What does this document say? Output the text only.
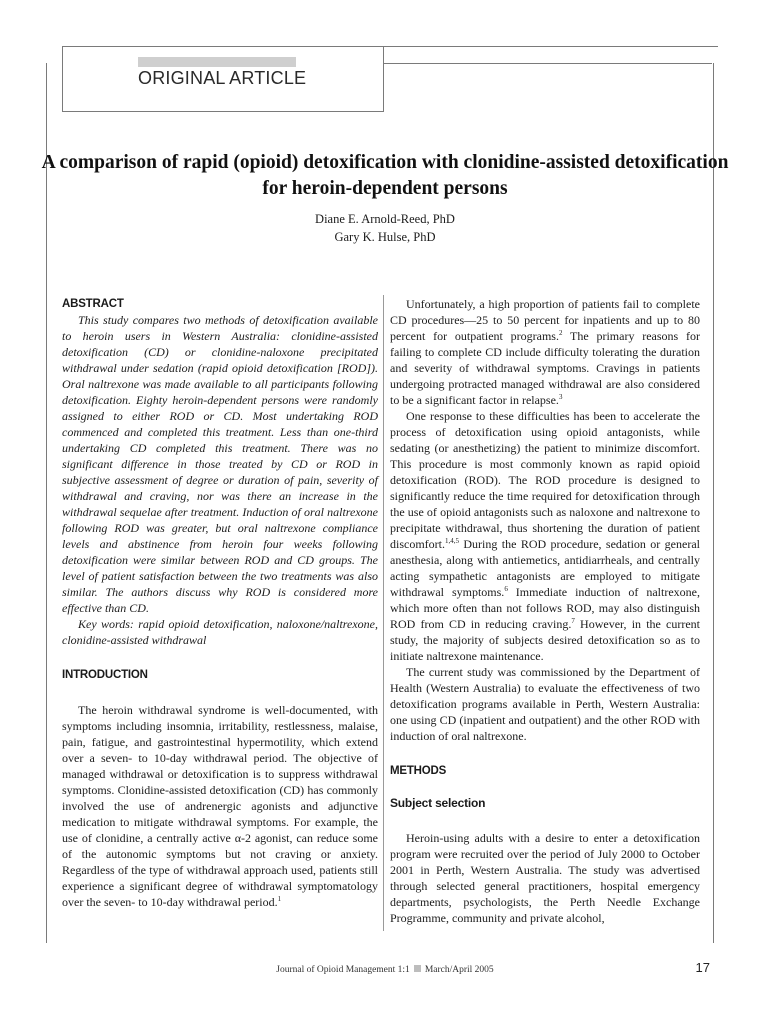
ORIGINAL ARTICLE
A comparison of rapid (opioid) detoxification with clonidine-assisted detoxification for heroin-dependent persons
Diane E. Arnold-Reed, PhD
Gary K. Hulse, PhD
ABSTRACT

This study compares two methods of detoxification available to heroin users in Western Australia: clonidine-assisted detoxification (CD) or clonidine-naloxone precipitated withdrawal under sedation (rapid opioid detoxification [ROD]). Oral naltrexone was made available to all participants following detoxification. Eighty heroin-dependent persons were randomly assigned to either ROD or CD. Most undertaking ROD commenced and completed this treatment. Less than one-third undertaking CD completed this treatment. There was no significant difference in those treated by CD or ROD in subjective assessment of degree or duration of pain, severity of withdrawal and craving, nor was there an increase in the withdrawal sequelae after treatment. Induction of oral naltrexone following ROD was greater, but oral naltrexone compliance levels and abstinence from heroin four weeks following detoxification were similar between ROD and CD groups. The level of patient satisfaction between the two treatments was also similar. The authors discuss why ROD is considered more effective than CD.

Key words: rapid opioid detoxification, naloxone/naltrexone, clonidine-assisted withdrawal

INTRODUCTION

The heroin withdrawal syndrome is well-documented, with symptoms including insomnia, irritability, restlessness, malaise, pain, fatigue, and gastrointestinal hypermotility, which extend over a seven- to 10-day withdrawal period. The objective of managed withdrawal or detoxification is to suppress withdrawal symptoms. Clonidine-assisted detoxification (CD) has commonly involved the use of andrenergic agonists and adjunctive medication to mitigate withdrawal symptoms. For example, the use of clonidine, a centrally active α-2 agonist, can reduce some of the autonomic symptoms but not craving or anxiety. Regardless of the type of withdrawal approach used, patients still experience a significant degree of withdrawal symptomatology over the seven- to 10-day withdrawal period.$^1$

Unfortunately, a high proportion of patients fail to complete CD procedures—25 to 50 percent for inpatients and up to 80 percent for outpatient programs.$^2$ The primary reasons for failing to complete CD include difficulty tolerating the duration and severity of withdrawal symptoms. Cravings in patients undergoing protracted managed withdrawal are also considered to be a significant factor in relapse.$^3$

One response to these difficulties has been to accelerate the process of detoxification using opioid antagonists, while sedating (or anesthetizing) the patient to minimize discomfort. This procedure is most commonly known as rapid opioid detoxification (ROD). The ROD procedure is designed to significantly reduce the time required for detoxification through the use of opioid antagonists such as naloxone and naltrexone to precipitate withdrawal, thus shortening the duration of patient discomfort.$^{1,4,5}$ During the ROD procedure, sedation or general anesthesia, along with antiemetics, antidiarrheals, and centrally acting sympathetic antagonists are employed to mitigate withdrawal symptoms.$^6$ Immediate induction of naltrexone, which more often than not follows ROD, may also distinguish ROD from CD in reducing craving.$^7$ However, in the current study, the majority of subjects desired detoxification so as to initiate naltrexone maintenance.

The current study was commissioned by the Department of Health (Western Australia) to evaluate the effectiveness of two detoxification programs available in Perth, Western Australia: one using CD (inpatient and outpatient) and the other ROD with induction of oral naltrexone.

METHODS
Subject selection

Heroin-using adults with a desire to enter a detoxification program were recruited over the period of July 2000 to October 2001 in Perth, Western Australia. The study was advertised through selected general practitioners, hospital emergency departments, psychologists, the Perth Needle Exchange Programme, community and private alcohol,

Journal of Opioid Management 1:1 March/April 2005	17
